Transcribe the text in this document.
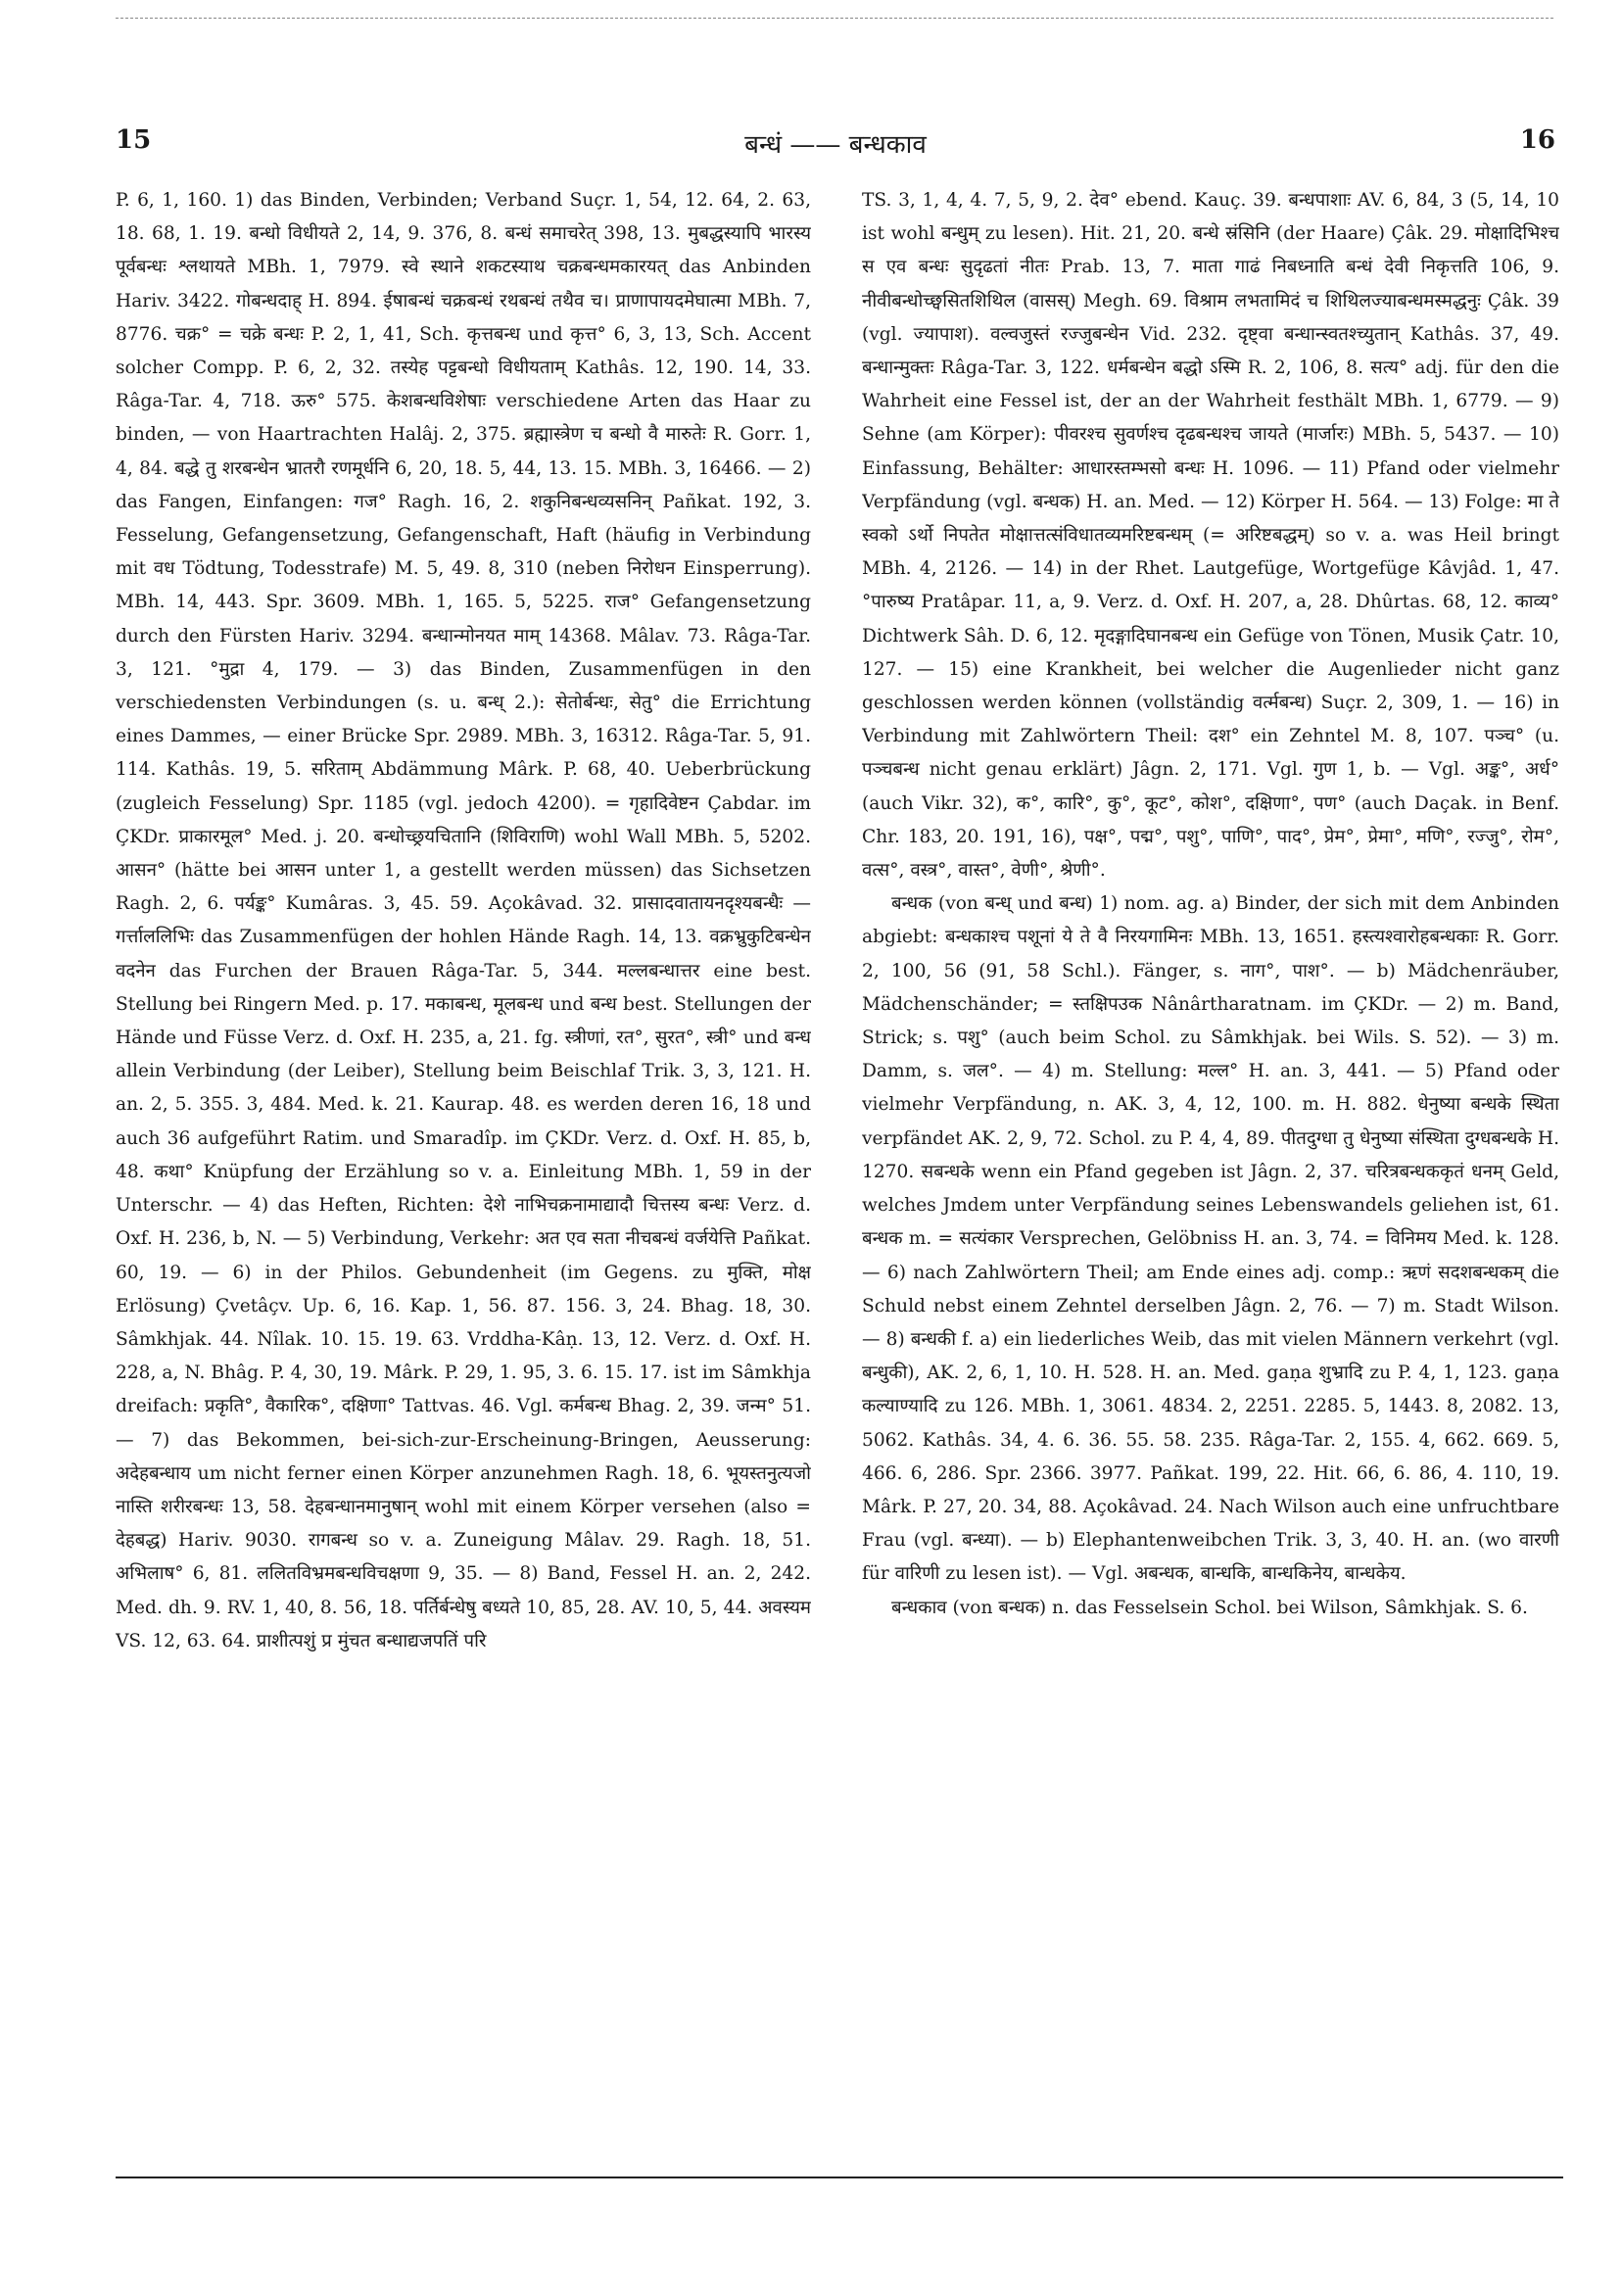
15	बन्धं —— बन्धकाव	16

P. 6, 1, 160. 1) das Binden, Verbinden; Verband Suçr. 1, 54, 12. 64, 2. 63, 18. 68, 1. 19. बन्धो विधीयते 2, 14, 9. 376, 8. बन्धं समाचरेत् 398, 13. मुबद्धस्यापि भारस्य पूर्वबन्धः श्लथायते MBh. 1, 7979. स्वे स्थाने शकटस्याथ चक्रबन्धमकारयत् das Anbinden Hariv. 3422. गोबन्धदाह् H. 894. ईषाबन्धं चक्रबन्धं रथबन्धं तथैव च। प्राणापायदमेघात्मा MBh. 7, 8776. चक्र° = चक्रे बन्धः P. 2, 1, 41, Sch. कृत्तबन्ध und कृत्त° 6, 3, 13, Sch. Accent solcher Compp. P. 6, 2, 32. तस्येह पट्टबन्धो विधीयताम् Kathâs. 12, 190. 14, 33. Râga-Tar. 4, 718. ऊरु° 575. केशबन्धविशेषाः verschiedene Arten das Haar zu binden, — von Haartrachten Halâj. 2, 375. ब्रह्मास्त्रेण च बन्धो वै मारुतेः R. Gorr. 1, 4, 84. बद्धे तु शरबन्धेन भ्रातरौ रणमूर्धनि 6, 20, 18. 5, 44, 13. 15. MBh. 3, 16466. — 2) das Fangen, Einfangen: गज° Ragh. 16, 2. शकुनिबन्धव्यसनिन् Pañkat. 192, 3. Fesselung, Gefangensetzung, Gefangenschaft, Haft (häufig in Verbindung mit वध Tödtung, Todesstrafe) M. 5, 49. 8, 310 (neben निरोधन Einsperrung). MBh. 14, 443. Spr. 3609. MBh. 1, 165. 5, 5225. राज° Gefangensetzung durch den Fürsten Hariv. 3294. बन्धान्मोनयत माम् 14368. Mâlav. 73. Râga-Tar. 3, 121. °मुद्रा 4, 179. — 3) das Binden, Zusammenfügen in den verschiedensten Verbindungen (s. u. बन्ध् 2.): सेतोर्बन्धः, सेतु° die Errichtung eines Dammes, — einer Brücke Spr. 2989. MBh. 3, 16312. Râga-Tar. 5, 91. 114. Kathâs. 19, 5. सरिताम् Abdämmung Mârk. P. 68, 40. Ueberbrückung (zugleich Fesselung) Spr. 1185 (vgl. jedoch 4200). = गृहादिवेष्टन Çabdar. im ÇKDr. प्राकारमूल° Med. j. 20. बन्धोच्छ्रयचितानि (शिविराणि) wohl Wall MBh. 5, 5202. आसन° (hätte bei आसन unter 1, a gestellt werden müssen) das Sichsetzen Ragh. 2, 6. पर्यङ्क° Kumâras. 3, 45. 59. Açokâvad. 32. प्रासादवातायनदृश्यबन्धैः — गर्त्ताललिभिः das Zusammenfügen der hohlen Hände Ragh. 14, 13. वक्रभ्रुकुटिबन्धेन वदनेन das Furchen der Brauen Râga-Tar. 5, 344. मल्लबन्धात्तर eine best. Stellung bei Ringern Med. p. 17. मकाबन्ध, मूलबन्ध und बन्ध best. Stellungen der Hände und Füsse Verz. d. Oxf. H. 235, a, 21. fg. स्त्रीणां, रत°, सुरत°, स्त्री° und बन्ध allein Verbindung (der Leiber), Stellung beim Beischlaf Trik. 3, 3, 121. H. an. 2, 5. 355. 3, 484. Med. k. 21. Kaurap. 48. es werden deren 16, 18 und auch 36 aufgeführt Ratim. und Smaradîp. im ÇKDr. Verz. d. Oxf. H. 85, b, 48. कथा° Knüpfung der Erzählung so v. a. Einleitung MBh. 1, 59 in der Unterschr. — 4) das Heften, Richten: देशे नाभिचक्रनामाद्यादौ चित्तस्य बन्धः Verz. d. Oxf. H. 236, b, N. — 5) Verbindung, Verkehr: अत एव सता नीचबन्धं वर्जयेत्ति Pañkat. 60, 19. — 6) in der Philos. Gebundenheit (im Gegens. zu मुक्ति, मोक्ष Erlösung) Çvetâçv. Up. 6, 16. Kap. 1, 56. 87. 156. 3, 24. Bhag. 18, 30. Sâmkhjak. 44. Nîlak. 10. 15. 19. 63. Vrddha-Kâṇ. 13, 12. Verz. d. Oxf. H. 228, a, N. Bhâg. P. 4, 30, 19. Mârk. P. 29, 1. 95, 3. 6. 15. 17. ist im Sâmkhja dreifach: प्रकृति°, वैकारिक°, दक्षिणा° Tattvas. 46. Vgl. कर्मबन्ध Bhag. 2, 39. जन्म° 51. — 7) das Bekommen, bei-sich-zur-Erscheinung-Bringen, Aeusserung: अदेहबन्धाय um nicht ferner einen Körper anzunehmen Ragh. 18, 6. भूयस्तनुत्यजो नास्ति शरीरबन्धः 13, 58. देहबन्धानमानुषान् wohl mit einem Körper versehen (also = देहबद्ध) Hariv. 9030. रागबन्ध so v. a. Zuneigung Mâlav. 29. Ragh. 18, 51. अभिलाष° 6, 81. ललितविभ्रमबन्धविचक्षणा 9, 35. — 8) Band, Fessel H. an. 2, 242. Med. dh. 9. RV. 1, 40, 8. 56, 18. पर्तिर्बन्धेषु बध्यते 10, 85, 28. AV. 10, 5, 44. अवस्यम VS. 12, 63. 64. प्राशीत्पशुं प्र मुंचत बन्धाद्यजपतिं परि

TS. 3, 1, 4, 4. 7, 5, 9, 2. देव° ebend. Kauç. 39. बन्धपाशाः AV. 6, 84, 3 (5, 14, 10 ist wohl बन्धुम् zu lesen). Hit. 21, 20. बन्धे स्रंसिनि (der Haare) Çâk. 29. मोक्षादिभिश्च स एव बन्धः सुदृढतां नीतः Prab. 13, 7. माता गाढं निबध्नाति बन्धं देवी निकृत्तति 106, 9. नीवीबन्धोच्छ्वसितशिथिल (वासस्) Megh. 69. विश्राम लभतामिदं च शिथिलज्याबन्धमस्मद्धनुः Çâk. 39 (vgl. ज्यापाश). वल्वजुस्तं रज्जुबन्धेन Vid. 232. दृष्ट्वा बन्धान्स्वतश्च्युतान् Kathâs. 37, 49. बन्धान्मुक्तः Râga-Tar. 3, 122. धर्मबन्धेन बद्धो ऽस्मि R. 2, 106, 8. सत्य° adj. für den die Wahrheit eine Fessel ist, der an der Wahrheit festhält MBh. 1, 6779. — 9) Sehne (am Körper): पीवरश्च सुवर्णश्च दृढबन्धश्च जायते (मार्जारः) MBh. 5, 5437. — 10) Einfassung, Behälter: आधारस्तम्भसो बन्धः H. 1096. — 11) Pfand oder vielmehr Verpfändung (vgl. बन्धक) H. an. Med. — 12) Körper H. 564. — 13) Folge: मा ते स्वको ऽर्थो निपतेत मोक्षात्तत्संविधातव्यमरिष्टबन्धम् (= अरिष्टबद्धम्) so v. a. was Heil bringt MBh. 4, 2126. — 14) in der Rhet. Lautgefüge, Wortgefüge Kâvjâd. 1, 47. °पारुष्य Pratâpar. 11, a, 9. Verz. d. Oxf. H. 207, a, 28. Dhûrtas. 68, 12. काव्य° Dichtwerk Sâh. D. 6, 12. मृदङ्गादिघानबन्ध ein Gefüge von Tönen, Musik Çatr. 10, 127. — 15) eine Krankheit, bei welcher die Augenlieder nicht ganz geschlossen werden können (vollständig वर्त्मबन्ध) Suçr. 2, 309, 1. — 16) in Verbindung mit Zahlwörtern Theil: दश° ein Zehntel M. 8, 107. पञ्च° (u. पञ्चबन्ध nicht genau erklärt) Jâgn. 2, 171. Vgl. गुण 1, b. — Vgl. अङ्क°, अर्ध° (auch Vikr. 32), क°, कारि°, कु°, कूट°, कोश°, दक्षिणा°, पण° (auch Daçak. in Benf. Chr. 183, 20. 191, 16), पक्ष°, पद्म°, पशु°, पाणि°, पाद°, प्रेम°, प्रेमा°, मणि°, रज्जु°, रोम°, वत्स°, वस्त्र°, वास्त°, वेणी°, श्रेणी°.

बन्धक (von बन्ध् und बन्ध) 1) nom. ag. a) Binder, der sich mit dem Anbinden abgiebt: बन्धकाश्च पशूनां ये ते वै निरयगामिनः MBh. 13, 1651. हस्त्यश्वारोहबन्धकाः R. Gorr. 2, 100, 56 (91, 58 Schl.). Fänger, s. नाग°, पाश°. — b) Mädchenräuber, Mädchenschänder; = स्तक्षिपउक Nânârtharatnam. im ÇKDr. — 2) m. Band, Strick; s. पशु° (auch beim Schol. zu Sâmkhjak. bei Wils. S. 52). — 3) m. Damm, s. जल°. — 4) m. Stellung: मल्ल° H. an. 3, 441. — 5) Pfand oder vielmehr Verpfändung, n. AK. 3, 4, 12, 100. m. H. 882. धेनुष्या बन्धके स्थिता verpfändet AK. 2, 9, 72. Schol. zu P. 4, 4, 89. पीतदुग्धा तु धेनुष्या संस्थिता दुग्धबन्धके H. 1270. सबन्धके wenn ein Pfand gegeben ist Jâgn. 2, 37. चरित्रबन्धककृतं धनम् Geld, welches Jmdem unter Verpfändung seines Lebenswandels geliehen ist, 61. बन्धक m. = सत्यंकार Versprechen, Gelöbniss H. an. 3, 74. = विनिमय Med. k. 128. — 6) nach Zahlwörtern Theil; am Ende eines adj. comp.: ऋणं सदशबन्धकम् die Schuld nebst einem Zehntel derselben Jâgn. 2, 76. — 7) m. Stadt Wilson. — 8) बन्धकी f. a) ein liederliches Weib, das mit vielen Männern verkehrt (vgl. बन्धुकी), AK. 2, 6, 1, 10. H. 528. H. an. Med. gaṇa शुभ्रादि zu P. 4, 1, 123. gaṇa कल्याण्यादि zu 126. MBh. 1, 3061. 4834. 2, 2251. 2285. 5, 1443. 8, 2082. 13, 5062. Kathâs. 34, 4. 6. 36. 55. 58. 235. Râga-Tar. 2, 155. 4, 662. 669. 5, 466. 6, 286. Spr. 2366. 3977. Pañkat. 199, 22. Hit. 66, 6. 86, 4. 110, 19. Mârk. P. 27, 20. 34, 88. Açokâvad. 24. Nach Wilson auch eine unfruchtbare Frau (vgl. बन्ध्या). — b) Elephantenweibchen Trik. 3, 3, 40. H. an. (wo वारणी für वारिणी zu lesen ist). — Vgl. अबन्धक, बान्धकि, बान्धकिनेय, बान्धकेय.

बन्धकाव (von बन्धक) n. das Fesselsein Schol. bei Wilson, Sâmkhjak. S. 6.
